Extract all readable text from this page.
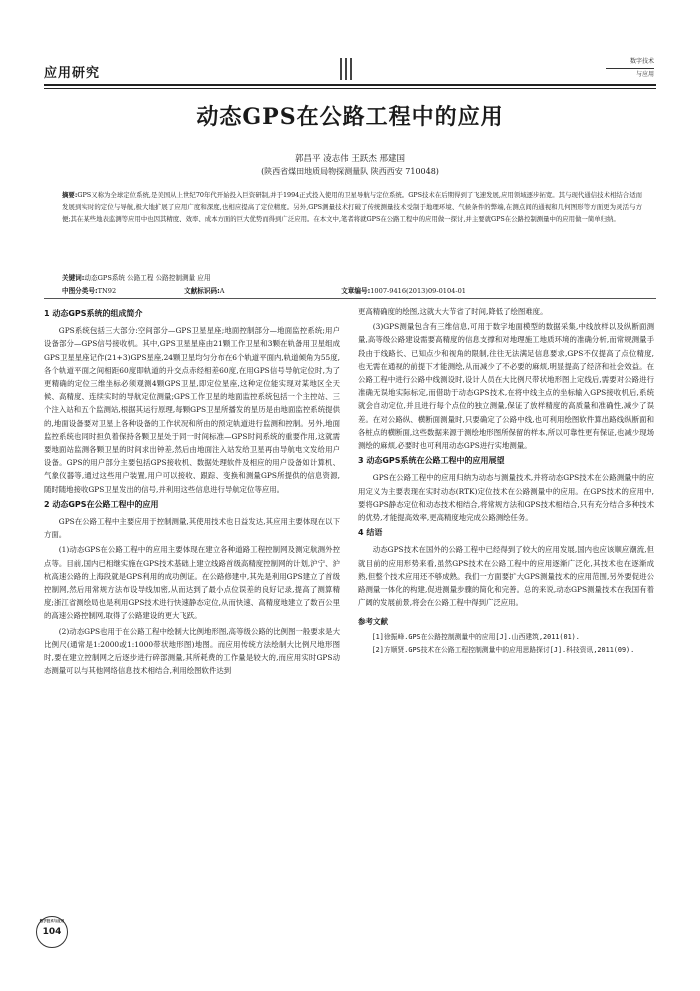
应用研究
数字技术
与应用
动态GPS在公路工程中的应用
郭昌平 凌志伟 王跃杰 邢建国
(陕西省煤田地质局物探测量队 陕西西安 710048)
摘要:GPS又称为全球定位系统,是美国从上世纪70年代开始投入巨资研制,并于1994正式投入使用的卫星导航与定位系统。GPS技术在后期得到了飞速发展,应用领域逐步拓宽。其与现代通信技术相结合适而发展到实时的定位与导航,极大地扩展了应用广度和深度,也相应提高了定位精度。另外,GPS测量技术打破了传统测量技术受制于地理环境、气候条件的弊端,在测点间的通视和几何图形等方面更为灵活与方便;其在某些地表监测等应用中也因其精度、效率、成本方面的巨大优势而得到广泛应用。在本文中,笔者将就GPS在公路工程中的应用做一探讨,并主要就GPS在公路控制测量中的应用做一简单归纳。
关键词:动态GPS系统 公路工程 公路控制测量 应用
中图分类号:TN92	文献标识码:A	文章编号:1007-9416(2013)09-0104-01
1 动态GPS系统的组成简介

GPS系统包括三大部分:空间部分—GPS卫星星座;地面控制部分—地面监控系统;用户设备部分—GPS信号接收机。其中,GPS卫星星座由21颗工作卫星和3颗在轨备用卫星组成GPS卫星星座记作(21+3)GPS星座,24颗卫星均匀分布在6个轨道平面内,轨道倾角为55度,各个轨道平面之间相距60度即轨道的升交点赤经相差60度,在用GPS信号导航定位时,为了更精确的定位三维坐标必须观测4颗GPS卫星,即定位星座,这种定位能实现对某地区全天候、高精度、连续实时的导航定位测量;GPS工作卫星的地面监控系统包括一个主控站、三个注入站和五个监测站,根据其运行原理,每颗GPS卫星所播发的星历是由地面监控系统提供的,地面设备要对卫星上各种设备的工作状况和所由的预定轨道进行监测和控制。另外,地面监控系统也同时担负着保持各颗卫星处于同一时间标准—GPS时间系统的重要作用,这就需要地面站监测各颗卫星的时间求出钟差,然后由地面注入站发给卫星再由导航电文发给用户设备。GPS的用户部分主要包括GPS接收机、数据处理软件及相应的用户设备如计算机、气象仪器等,通过这些用户装置,用户可以接收、跟踪、变换和测量GPS所提供的信息资源,随时随地接收GPS卫星发出的信号,并利用这些信息进行导航定位等应用。

2 动态GPS在公路工程中的应用

GPS在公路工程中主要应用于控制测量,其使用技术也日益发达,其应用主要体现在以下方面。

(1)动态GPS在公路工程中的应用主要体现在建立各种道路工程控制网及测定航测外控点等。目前,国内已相继实施在GPS技术基础上建立线路首级高精度控制网的计划,沪宁、沪杭高速公路的上海段就是GPS利用的成功例证。在公路修建中,其先是利用GPS建立了首级控制网,然后用常规方法布设导线加密,从而达到了最小点位误差的良好记录,提高了测算精度;浙江省测绘局也是利用GPS技术进行快速静态定位,从而快速、高精度地建立了数百公里的高速公路控制网,取得了公路建设的更大飞跃。

(2)动态GPS也用于在公路工程中绘制大比例地形图,高等级公路的比例图一般要求是大比例尺(通常是1:2000或1:1000带状地形图)地图。而应用传统方法绘制大比例尺地形图时,要在建立控制网之后逐步进行碎部测量,其所耗费的工作量是较大的,而应用实时GPS动态测量可以与其他网络信息技术相结合,利用绘图软件达到

更高精确度的绘图,这就大大节省了时间,降低了绘图难度。

(3)GPS测量包含有三维信息,可用于数字地面模型的数据采集,中线放样以及纵断面测量,高等级公路建设需要高精度的信息支撑和对地理施工地质环境的准确分析,而常规测量手段由于线路长、已知点少和视角的限制,往往无法满足信息要求,GPS不仅提高了点位精度,也无需在通视的前提下才能测绘,从而减少了不必要的麻烦,明显提高了经济和社会效益。在公路工程中进行公路中线测设时,设计人员在大比例尺带状地形图上定线后,需要对公路进行准确无误地实际标定,而借助于动态GPS技术,在将中线主点的坐标输入GPS接收机后,系统就会自动定位,并且进行每个点位的独立测量,保证了放样精度的高质量和准确性,减少了误差。在对公路纵、横断面测量时,只要确定了公路中线,也可利用绘图软件算出路线纵断面和各桩点的横断面,这些数据来源于测绘地形图所保留的样本,所以可靠性更有保证,也减少现场测绘的麻烦,必要时也可利用动态GPS进行实地测量。

3 动态GPS系统在公路工程中的应用展望

GPS在公路工程中的应用归纳为动态与测量技术,并将动态GPS技术在公路测量中的应用定义为主要表现在实时动态(RTK)定位技术在公路测量中的应用。在GPS技术的应用中,要将GPS静态定位和动态技术相结合,将常规方法和GPS技术相结合,只有充分结合多种技术的优势,才能提高效率,更高精度地完成公路测绘任务。

4 结语

动态GPS技术在国外的公路工程中已经得到了较大的应用发展,国内也应该顺应潮流,但就目前的应用形势来看,虽然GPS技术在公路工程中的应用逐渐广泛化,其技术也在逐渐成熟,但整个技术应用还不够成熟。我们一方面要扩大GPS测量技术的应用范围,另外要促进公路测量一体化的构建,促进测量步骤的简化和完善。总的来说,动态GPS测量技术在我国有着广阔的发展前景,将会在公路工程中得到广泛应用。

参考文献

[1]徐振峰.GPS在公路控制测量中的应用[J].山西建筑,2011(01).

[2]方顺贤.GPS技术在公路工程控制测量中的应用思路探讨[J].科技资讯,2011(09).

数字技术与应用
104
